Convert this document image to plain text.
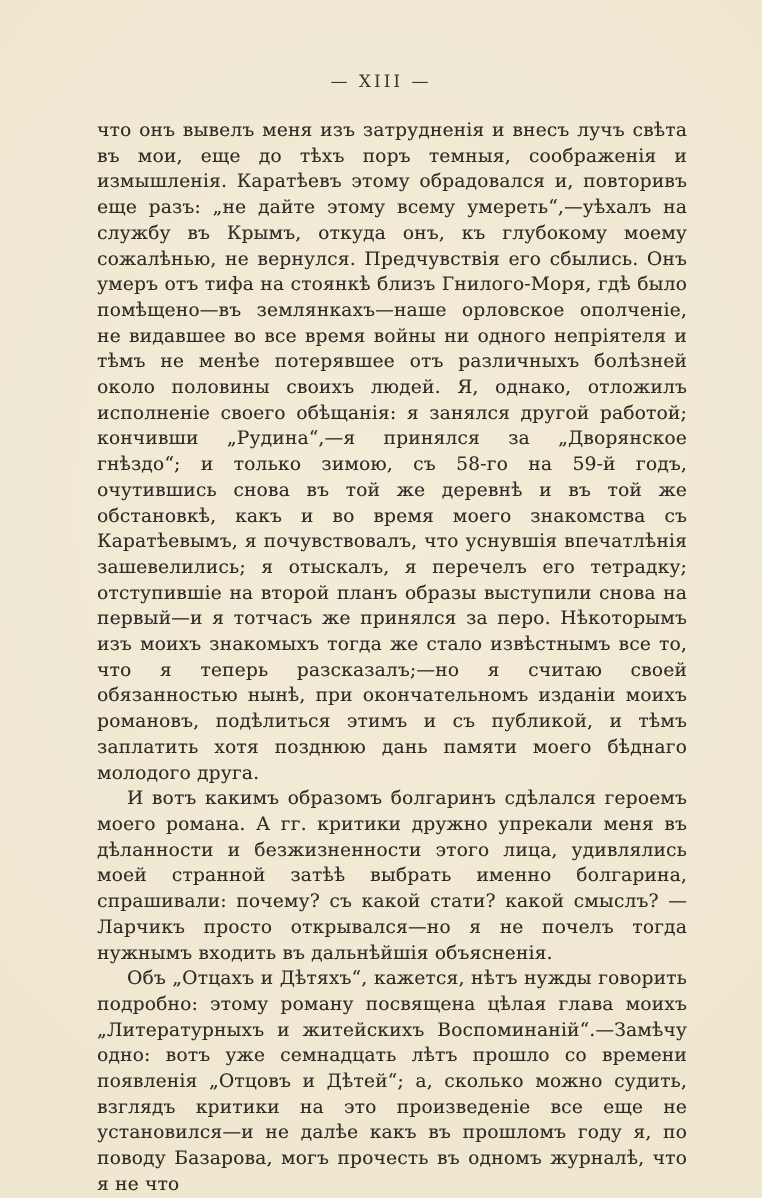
— XIII —

что онъ вывелъ меня изъ затрудненія и внесъ лучъ свѣта въ мои, еще до тѣхъ поръ темныя, соображенія и измышленія. Каратѣевъ этому обрадовался и, повторивъ еще разъ: „не дайте этому всему умереть“,—уѣхалъ на службу въ Крымъ, откуда онъ, къ глубокому моему сожалѣнью, не вернулся. Предчувствія его сбылись. Онъ умеръ отъ тифа на стоянкѣ близъ Гнилого-Моря, гдѣ было помѣщено—въ землянкахъ—наше орловское ополченіе, не видавшее во все время войны ни одного непріятеля и тѣмъ не менѣе потерявшее отъ различныхъ болѣзней около половины своихъ людей. Я, однако, отложилъ исполненіе своего обѣщанія: я занялся другой работой; кончивши „Рудина“,—я принялся за „Дворянское гнѣздо“; и только зимою, съ 58-го на 59-й годъ, очутившись снова въ той же деревнѣ и въ той же обстановкѣ, какъ и во время моего знакомства съ Каратѣевымъ, я почувствовалъ, что уснувшія впечатлѣнія зашевелились; я отыскалъ, я перечелъ его тетрадку; отступившіе на второй планъ образы выступили снова на первый—и я тотчасъ же принялся за перо. Нѣкоторымъ изъ моихъ знакомыхъ тогда же стало извѣстнымъ все то, что я теперь разсказалъ;—но я считаю своей обязанностью нынѣ, при окончательномъ изданіи моихъ романовъ, подѣлиться этимъ и съ публикой, и тѣмъ заплатить хотя позднюю дань памяти моего бѣднаго молодого друга.

И вотъ какимъ образомъ болгаринъ сдѣлался героемъ моего романа. А гг. критики дружно упрекали меня въ дѣланности и безжизненности этого лица, удивлялись моей странной затѣѣ выбрать именно болгарина, спрашивали: почему? съ какой стати? какой смыслъ? — Ларчикъ просто открывался—но я не почелъ тогда нужнымъ входить въ дальнѣйшія объясненія.

Объ „Отцахъ и Дѣтяхъ“, кажется, нѣтъ нужды говорить подробно: этому роману посвящена цѣлая глава моихъ „Литературныхъ и житейскихъ Воспоминаній“.—Замѣчу одно: вотъ уже семнадцать лѣтъ прошло со времени появленія „Отцовъ и Дѣтей“; а, сколько можно судить, взглядъ критики на это произведеніе все еще не установился—и не далѣе какъ въ прошломъ году я, по поводу Базарова, могъ прочесть въ одномъ журналѣ, что я не что
